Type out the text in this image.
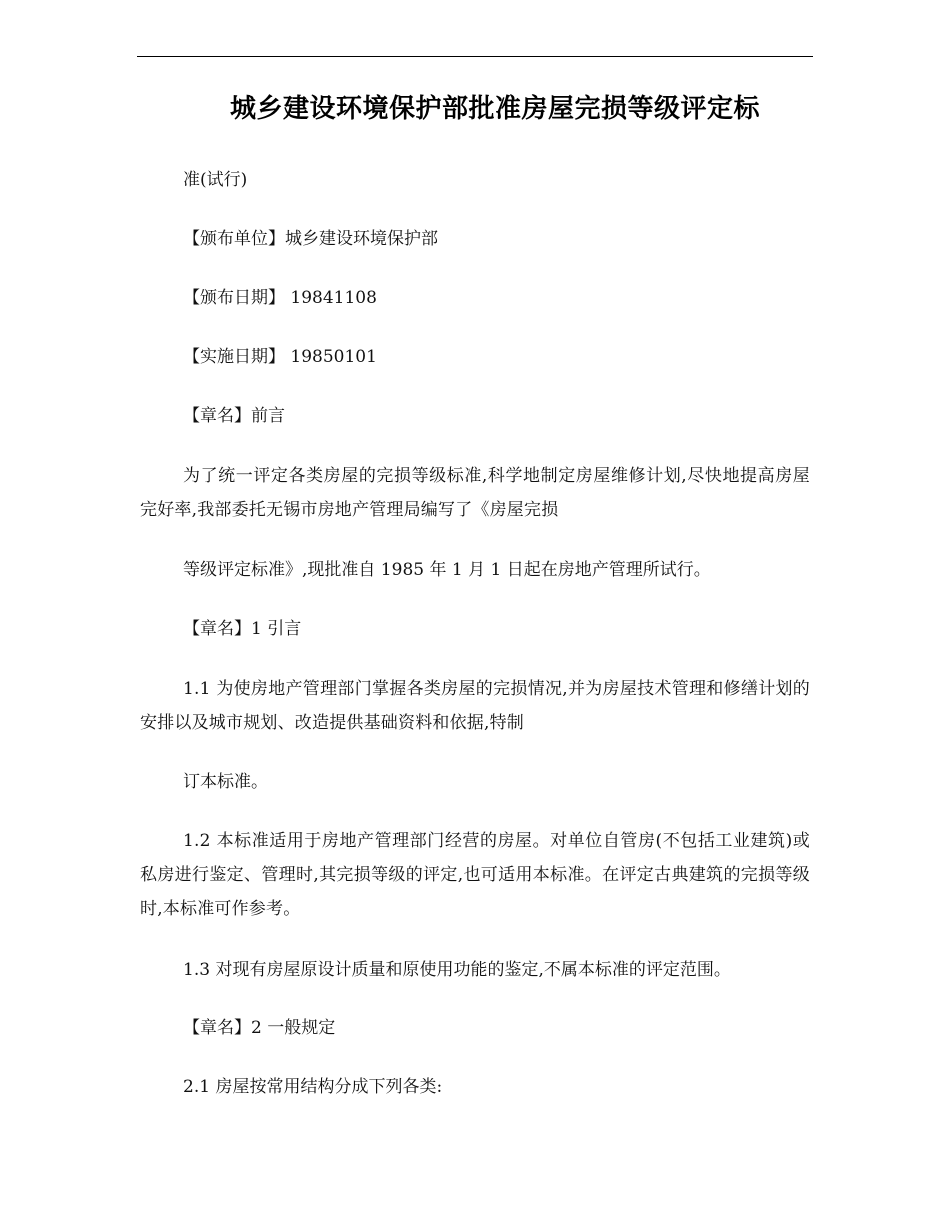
城乡建设环境保护部批准房屋完损等级评定标

准(试行)

【颁布单位】城乡建设环境保护部

【颁布日期】 19841108

【实施日期】 19850101

【章名】前言

为了统一评定各类房屋的完损等级标准,科学地制定房屋维修计划,尽快地提高房屋完好率,我部委托无锡市房地产管理局编写了《房屋完损

等级评定标准》,现批准自 1985 年 1 月 1 日起在房地产管理所试行。

【章名】1 引言

1.1 为使房地产管理部门掌握各类房屋的完损情况,并为房屋技术管理和修缮计划的安排以及城市规划、改造提供基础资料和依据,特制

订本标准。

1.2 本标准适用于房地产管理部门经营的房屋。对单位自管房(不包括工业建筑)或私房进行鉴定、管理时,其完损等级的评定,也可适用本标准。在评定古典建筑的完损等级时,本标准可作参考。

1.3 对现有房屋原设计质量和原使用功能的鉴定,不属本标准的评定范围。

【章名】2 一般规定

2.1 房屋按常用结构分成下列各类:
